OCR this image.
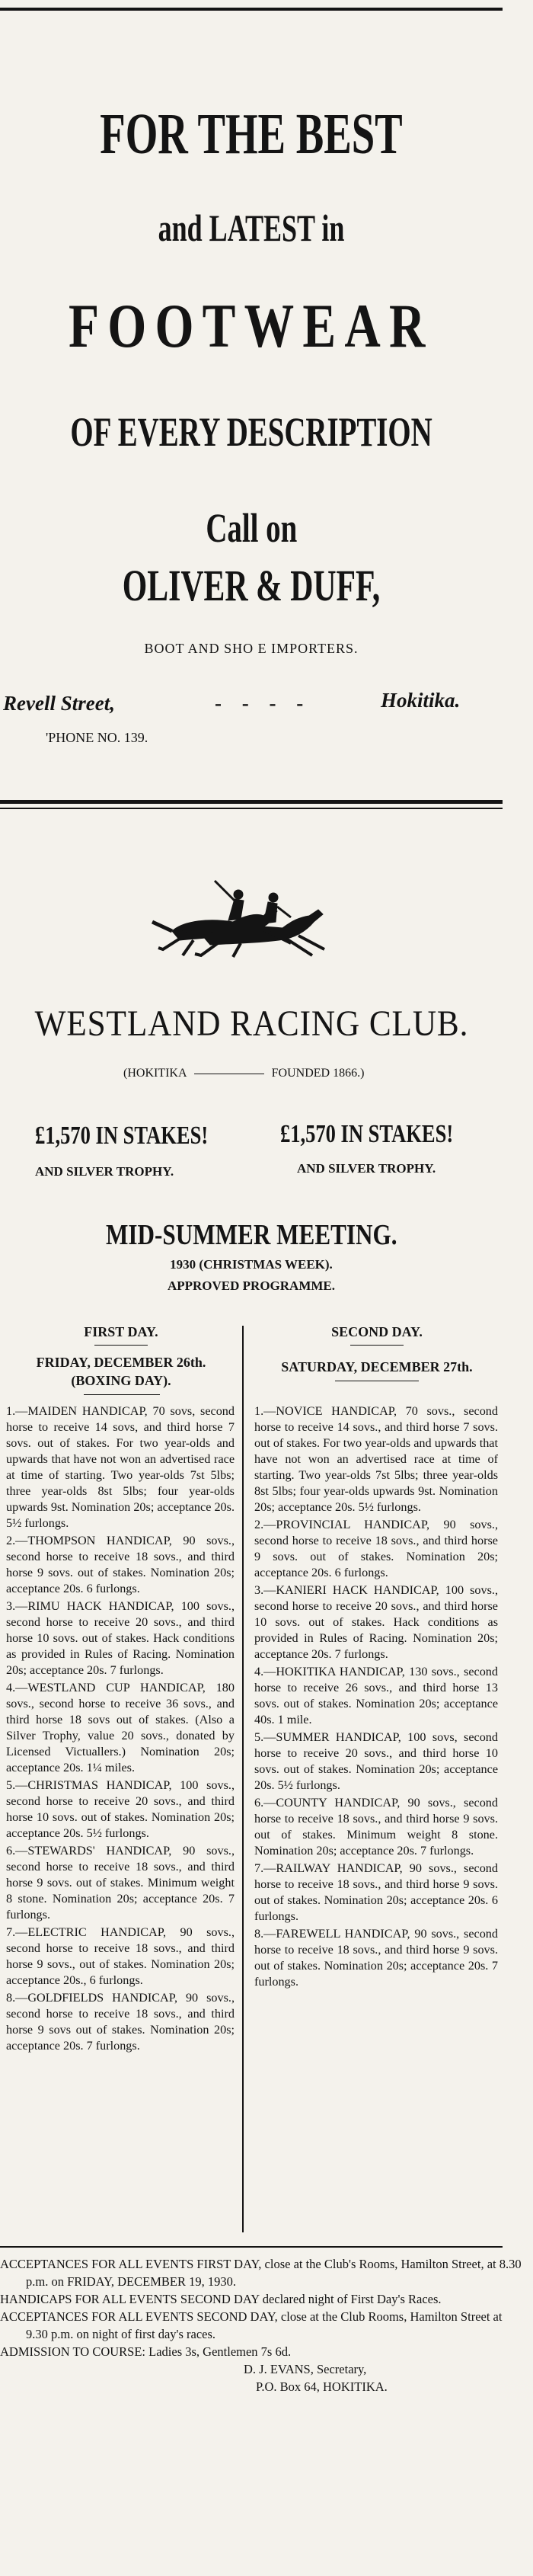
FOR THE BEST
and LATEST in
FOOTWEAR
OF EVERY DESCRIPTION
Call on
OLIVER & DUFF,
BOOT AND SHO E IMPORTERS.
Revell Street,	- - - -	Hokitika.
'PHONE NO. 139.
WESTLAND RACING CLUB.
(HOKITIKA	FOUNDED 1866.)
£1,570 IN STAKES!
AND SILVER TROPHY.
£1,570 IN STAKES!
AND SILVER TROPHY.
MID-SUMMER MEETING.
1930 (CHRISTMAS WEEK).
APPROVED PROGRAMME.
FIRST DAY.
FRIDAY, DECEMBER 26th.
(BOXING DAY).
1.—MAIDEN HANDICAP, 70 sovs, second horse to receive 14 sovs, and third horse 7 sovs. out of stakes. For two year-olds and upwards that have not won an advertised race at time of starting. Two year-olds 7st 5lbs; three year-olds 8st 5lbs; four year-olds upwards 9st. Nomination 20s; acceptance 20s. 5½ furlongs.
2.—THOMPSON HANDICAP, 90 sovs., second horse to receive 18 sovs., and third horse 9 sovs. out of stakes. Nomination 20s; acceptance 20s. 6 furlongs.
3.—RIMU HACK HANDICAP, 100 sovs., second horse to receive 20 sovs., and third horse 10 sovs. out of stakes. Hack conditions as provided in Rules of Racing. Nomination 20s; acceptance 20s. 7 furlongs.
4.—WESTLAND CUP HANDICAP, 180 sovs., second horse to receive 36 sovs., and third horse 18 sovs out of stakes. (Also a Silver Trophy, value 20 sovs., donated by Licensed Victuallers.) Nomination 20s; acceptance 20s. 1¼ miles.
5.—CHRISTMAS HANDICAP, 100 sovs., second horse to receive 20 sovs., and third horse 10 sovs. out of stakes. Nomination 20s; acceptance 20s. 5½ furlongs.
6.—STEWARDS' HANDICAP, 90 sovs., second horse to receive 18 sovs., and third horse 9 sovs. out of stakes. Minimum weight 8 stone. Nomination 20s; acceptance 20s. 7 furlongs.
7.—ELECTRIC HANDICAP, 90 sovs., second horse to receive 18 sovs., and third horse 9 sovs., out of stakes. Nomination 20s; acceptance 20s., 6 furlongs.
8.—GOLDFIELDS HANDICAP, 90 sovs., second horse to receive 18 sovs., and third horse 9 sovs out of stakes. Nomination 20s; acceptance 20s. 7 furlongs.
SECOND DAY.
SATURDAY, DECEMBER 27th.
1.—NOVICE HANDICAP, 70 sovs., second horse to receive 14 sovs., and third horse 7 sovs. out of stakes. For two year-olds and upwards that have not won an advertised race at time of starting. Two year-olds 7st 5lbs; three year-olds 8st 5lbs; four year-olds upwards 9st. Nomination 20s; acceptance 20s. 5½ furlongs.
2.—PROVINCIAL HANDICAP, 90 sovs., second horse to receive 18 sovs., and third horse 9 sovs. out of stakes. Nomination 20s; acceptance 20s. 6 furlongs.
3.—KANIERI HACK HANDICAP, 100 sovs., second horse to receive 20 sovs., and third horse 10 sovs. out of stakes. Hack conditions as provided in Rules of Racing. Nomination 20s; acceptance 20s. 7 furlongs.
4.—HOKITIKA HANDICAP, 130 sovs., second horse to receive 26 sovs., and third horse 13 sovs. out of stakes. Nomination 20s; acceptance 40s. 1 mile.
5.—SUMMER HANDICAP, 100 sovs, second horse to receive 20 sovs., and third horse 10 sovs. out of stakes. Nomination 20s; acceptance 20s. 5½ furlongs.
6.—COUNTY HANDICAP, 90 sovs., second horse to receive 18 sovs., and third horse 9 sovs. out of stakes. Minimum weight 8 stone. Nomination 20s; acceptance 20s. 7 furlongs.
7.—RAILWAY HANDICAP, 90 sovs., second horse to receive 18 sovs., and third horse 9 sovs. out of stakes. Nomination 20s; acceptance 20s. 6 furlongs.
8.—FAREWELL HANDICAP, 90 sovs., second horse to receive 18 sovs., and third horse 9 sovs. out of stakes. Nomination 20s; acceptance 20s. 7 furlongs.

ACCEPTANCES FOR ALL EVENTS FIRST DAY, close at the Club's Rooms, Hamilton Street, at 8.30 p.m. on FRIDAY, DECEMBER 19, 1930.

HANDICAPS FOR ALL EVENTS SECOND DAY declared night of First Day's Races.

ACCEPTANCES FOR ALL EVENTS SECOND DAY, close at the Club Rooms, Hamilton Street at 9.30 p.m. on night of first day's races.

ADMISSION TO COURSE: Ladies 3s, Gentlemen 7s 6d.

D. J. EVANS, Secretary,
P.O. Box 64, HOKITIKA.
